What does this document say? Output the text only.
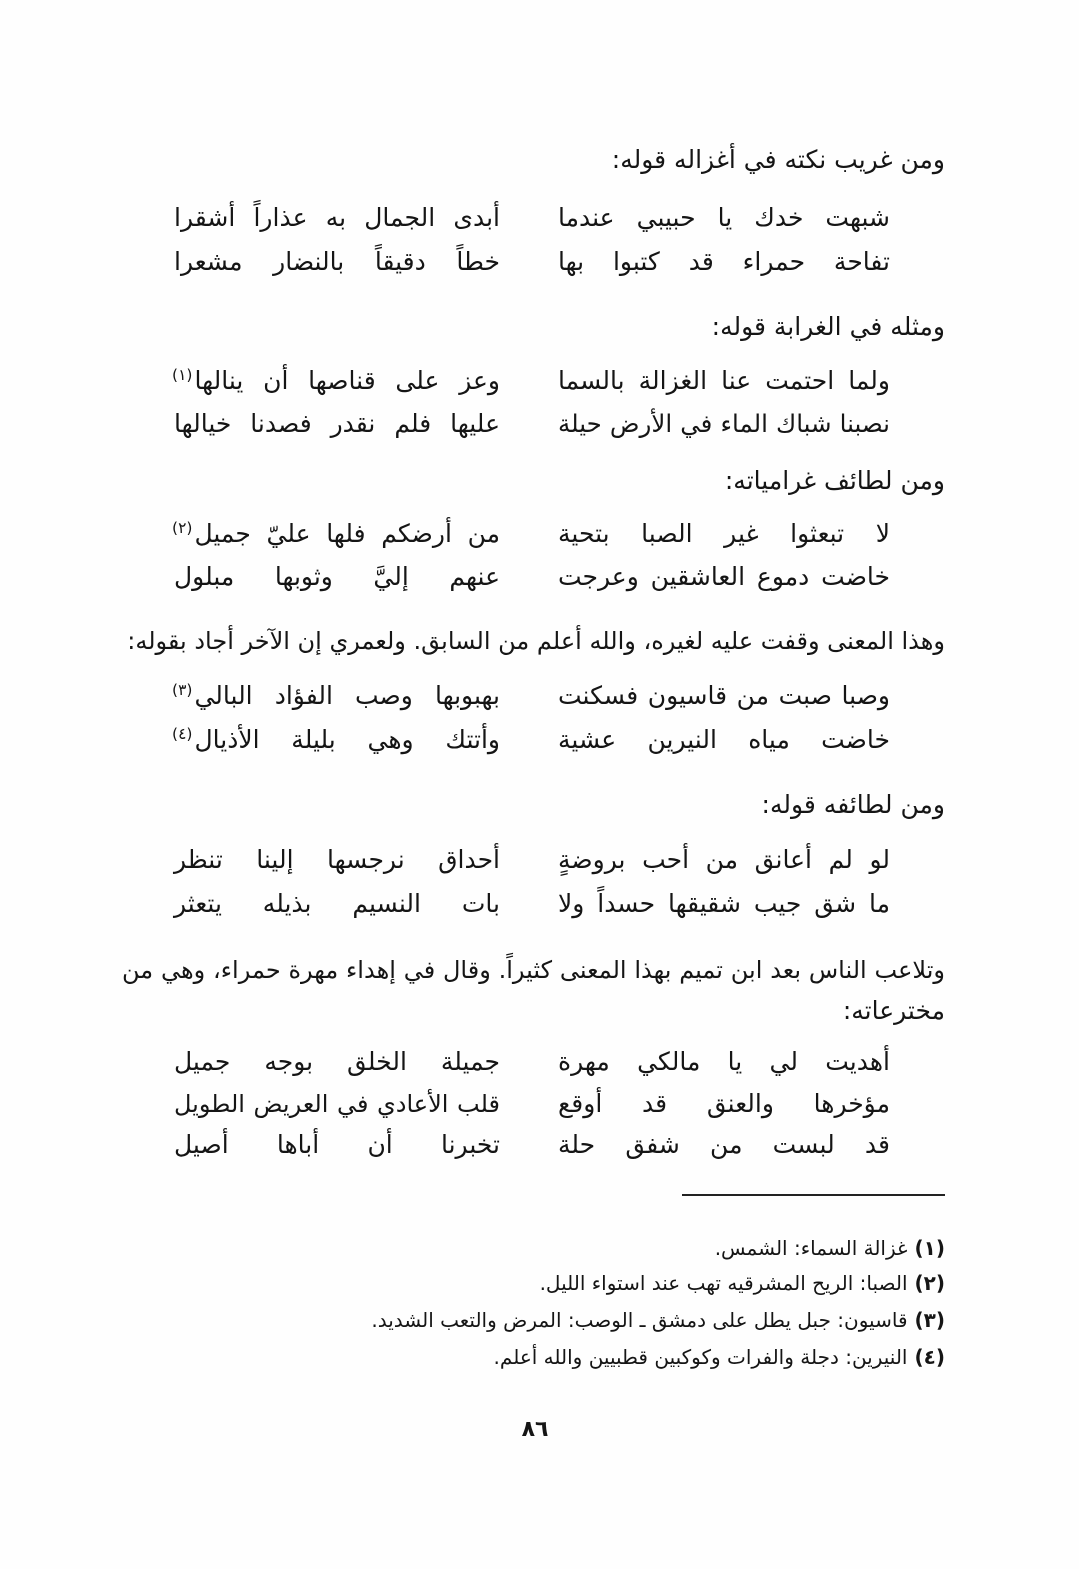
ومن غريب نكته في أغزاله قوله:
شبهت خدك يا حبيبي عندما
أبدى الجمال به عذاراً أشقرا
تفاحة حمراء قد كتبوا بها
خطاً دقيقاً بالنضار مشعرا
ومثله في الغرابة قوله:
ولما احتمت عنا الغزالة بالسما
وعز على قناصها أن ينالها$^{(١)}$
نصبنا شباك الماء في الأرض حيلة
عليها فلم نقدر فصدنا خيالها
ومن لطائف غرامياته:
لا تبعثوا غير الصبا بتحية
من أرضكم فلها عليّ جميل$^{(٢)}$
خاضت دموع العاشقين وعرجت
عنهم إليَّ وثوبها مبلول
وهذا المعنى وقفت عليه لغيره، والله أعلم من السابق. ولعمري إن الآخر أجاد بقوله:
وصبا صبت من قاسيون فسكنت
بهبوبها وصب الفؤاد البالي$^{(٣)}$
خاضت مياه النيرين عشية
وأتتك وهي بليلة الأذيال$^{(٤)}$
ومن لطائفه قوله:
لو لم أعانق من أحب بروضةٍ
أحداق نرجسها إلينا تنظر
ما شق جيب شقيقها حسداً ولا
بات النسيم بذيله يتعثر
وتلاعب الناس بعد ابن تميم بهذا المعنى كثيراً. وقال في إهداء مهرة حمراء، وهي من
مخترعاته:
أهديت لي يا مالكي مهرة
جميلة الخلق بوجه جميل
مؤخرها والعنق قد أوقع
قلب الأعادي في العريض الطويل
قد لبست من شفق حلة
تخبرنا أن أباها أصيل
(١)غزالة السماء: الشمس.
(٢)الصبا: الريح المشرقيه تهب عند استواء الليل.
(٣)قاسيون: جبل يطل على دمشق ـ الوصب: المرض والتعب الشديد.
(٤)النيرين: دجلة والفرات وكوكبين قطبيين والله أعلم.
٨٦
